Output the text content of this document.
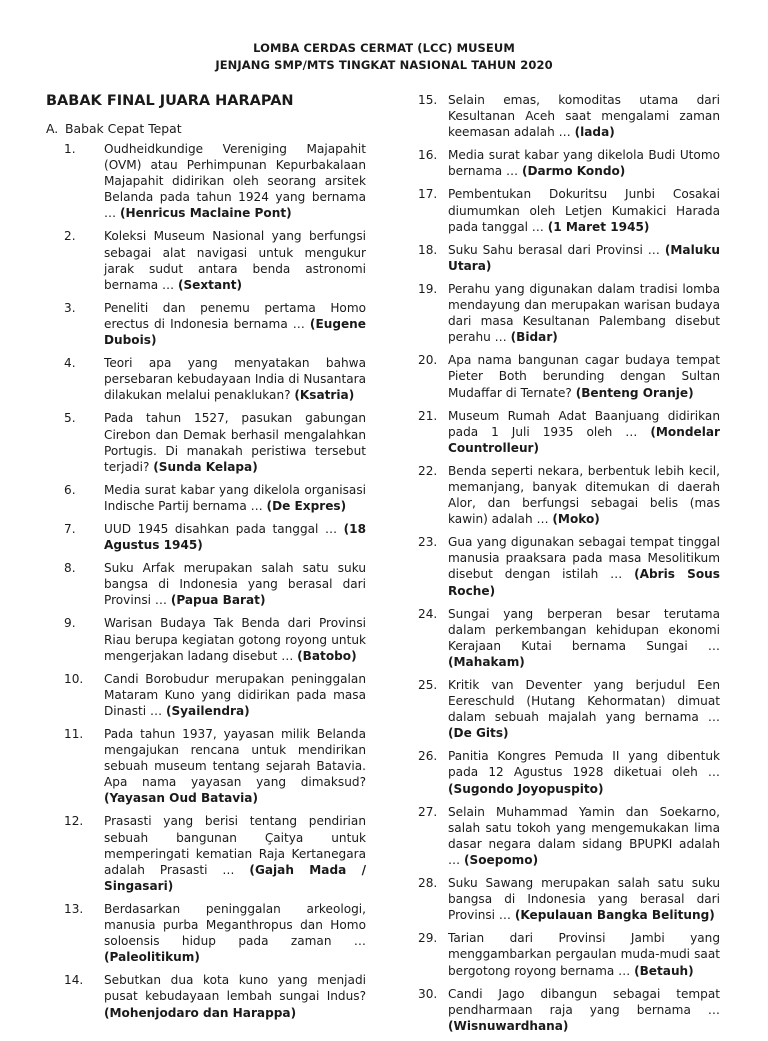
LOMBA CERDAS CERMAT (LCC) MUSEUM
JENJANG SMP/MTS TINGKAT NASIONAL TAHUN 2020
BABAK FINAL JUARA HARAPAN
A. Babak Cepat Tepat
1. Oudheidkundige Vereniging Majapahit (OVM) atau Perhimpunan Kepurbakalaan Majapahit didirikan oleh seorang arsitek Belanda pada tahun 1924 yang bernama … (Henricus Maclaine Pont)
2. Koleksi Museum Nasional yang berfungsi sebagai alat navigasi untuk mengukur jarak sudut antara benda astronomi bernama … (Sextant)
3. Peneliti dan penemu pertama Homo erectus di Indonesia bernama … (Eugene Dubois)
4. Teori apa yang menyatakan bahwa persebaran kebudayaan India di Nusantara dilakukan melalui penaklukan? (Ksatria)
5. Pada tahun 1527, pasukan gabungan Cirebon dan Demak berhasil mengalahkan Portugis. Di manakah peristiwa tersebut terjadi? (Sunda Kelapa)
6. Media surat kabar yang dikelola organisasi Indische Partij bernama … (De Expres)
7. UUD 1945 disahkan pada tanggal … (18 Agustus 1945)
8. Suku Arfak merupakan salah satu suku bangsa di Indonesia yang berasal dari Provinsi … (Papua Barat)
9. Warisan Budaya Tak Benda dari Provinsi Riau berupa kegiatan gotong royong untuk mengerjakan ladang disebut … (Batobo)
10. Candi Borobudur merupakan peninggalan Mataram Kuno yang didirikan pada masa Dinasti … (Syailendra)
11. Pada tahun 1937, yayasan milik Belanda mengajukan rencana untuk mendirikan sebuah museum tentang sejarah Batavia. Apa nama yayasan yang dimaksud? (Yayasan Oud Batavia)
12. Prasasti yang berisi tentang pendirian sebuah bangunan Çaitya untuk memperingati kematian Raja Kertanegara adalah Prasasti … (Gajah Mada / Singasari)
13. Berdasarkan peninggalan arkeologi, manusia purba Meganthropus dan Homo soloensis hidup pada zaman … (Paleolitikum)
14. Sebutkan dua kota kuno yang menjadi pusat kebudayaan lembah sungai Indus? (Mohenjodaro dan Harappa)
15. Selain emas, komoditas utama dari Kesultanan Aceh saat mengalami zaman keemasan adalah … (lada)
16. Media surat kabar yang dikelola Budi Utomo bernama … (Darmo Kondo)
17. Pembentukan Dokuritsu Junbi Cosakai diumumkan oleh Letjen Kumakici Harada pada tanggal … (1 Maret 1945)
18. Suku Sahu berasal dari Provinsi … (Maluku Utara)
19. Perahu yang digunakan dalam tradisi lomba mendayung dan merupakan warisan budaya dari masa Kesultanan Palembang disebut perahu … (Bidar)
20. Apa nama bangunan cagar budaya tempat Pieter Both berunding dengan Sultan Mudaffar di Ternate? (Benteng Oranje)
21. Museum Rumah Adat Baanjuang didirikan pada 1 Juli 1935 oleh … (Mondelar Countrolleur)
22. Benda seperti nekara, berbentuk lebih kecil, memanjang, banyak ditemukan di daerah Alor, dan berfungsi sebagai belis (mas kawin) adalah … (Moko)
23. Gua yang digunakan sebagai tempat tinggal manusia praaksara pada masa Mesolitikum disebut dengan istilah … (Abris Sous Roche)
24. Sungai yang berperan besar terutama dalam perkembangan kehidupan ekonomi Kerajaan Kutai bernama Sungai … (Mahakam)
25. Kritik van Deventer yang berjudul Een Eereschuld (Hutang Kehormatan) dimuat dalam sebuah majalah yang bernama … (De Gits)
26. Panitia Kongres Pemuda II yang dibentuk pada 12 Agustus 1928 diketuai oleh … (Sugondo Joyopuspito)
27. Selain Muhammad Yamin dan Soekarno, salah satu tokoh yang mengemukakan lima dasar negara dalam sidang BPUPKI adalah … (Soepomo)
28. Suku Sawang merupakan salah satu suku bangsa di Indonesia yang berasal dari Provinsi … (Kepulauan Bangka Belitung)
29. Tarian dari Provinsi Jambi yang menggambarkan pergaulan muda-mudi saat bergotong royong bernama … (Betauh)
30. Candi Jago dibangun sebagai tempat pendharmaan raja yang bernama … (Wisnuwardhana)
